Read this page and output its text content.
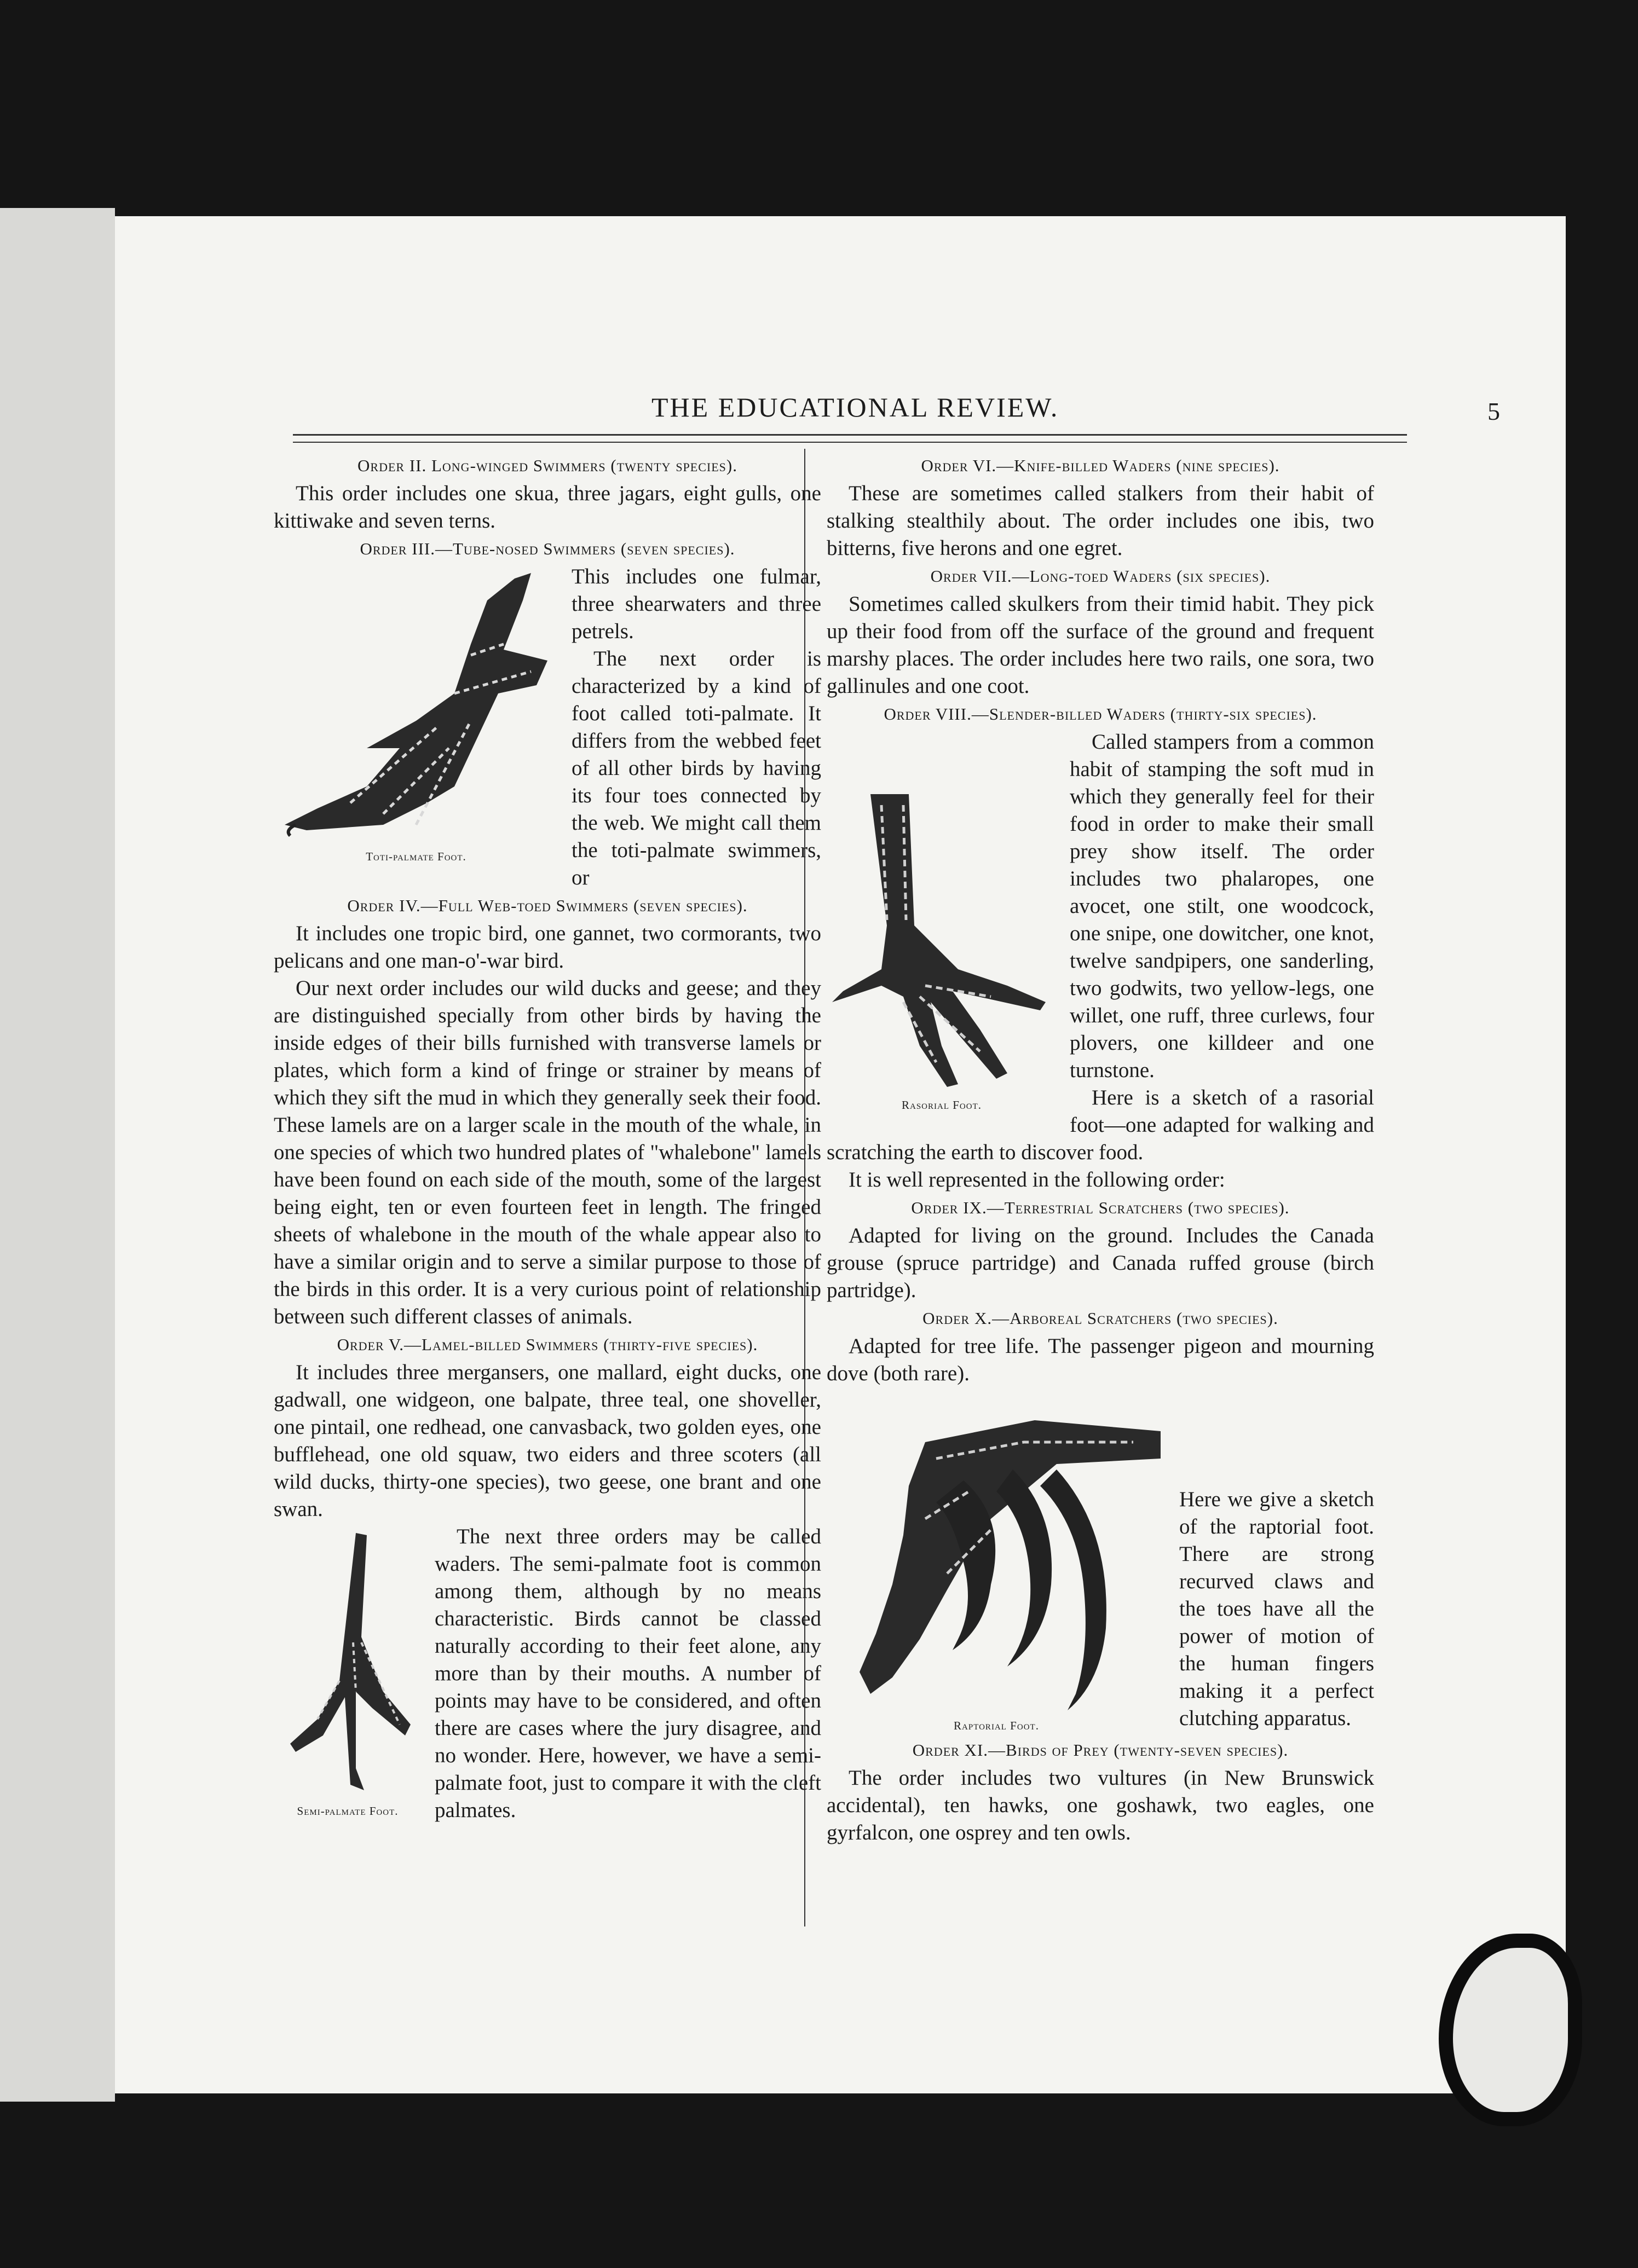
THE EDUCATIONAL REVIEW.	5
Order II. Long-winged Swimmers (twenty species).

This order includes one skua, three jagars, eight gulls, one kittiwake and seven terns.

Order III.—Tube-nosed Swimmers (seven species).
Toti-palmate Foot.

This includes one fulmar, three shearwaters and three petrels.

The next order is characterized by a kind of foot called toti-palmate. It differs from the webbed feet of all other birds by having its four toes connected by the web. We might call them the toti-palmate swimmers, or

Order IV.—Full Web-toed Swimmers (seven species).

It includes one tropic bird, one gannet, two cormorants, two pelicans and one man-o'-war bird.

Our next order includes our wild ducks and geese; and they are distinguished specially from other birds by having the inside edges of their bills furnished with transverse lamels or plates, which form a kind of fringe or strainer by means of which they sift the mud in which they generally seek their food. These lamels are on a larger scale in the mouth of the whale, in one species of which two hundred plates of "whalebone" lamels have been found on each side of the mouth, some of the largest being eight, ten or even fourteen feet in length. The fringed sheets of whalebone in the mouth of the whale appear also to have a similar origin and to serve a similar purpose to those of the birds in this order. It is a very curious point of relationship between such different classes of animals.

Order V.—Lamel-billed Swimmers (thirty-five species).

It includes three mergansers, one mallard, eight ducks, one gadwall, one widgeon, one balpate, three teal, one shoveller, one pintail, one redhead, one canvasback, two golden eyes, one bufflehead, one old squaw, two eiders and three scoters (all wild ducks, thirty-one species), two geese, one brant and one swan.

Semi-palmate Foot.

The next three orders may be called waders. The semi-palmate foot is common among them, although by no means characteristic. Birds cannot be classed naturally according to their feet alone, any more than by their mouths. A number of points may have to be considered, and often there are cases where the jury disagree, and no wonder. Here, however, we have a semi-palmate foot, just to compare it with the cleft palmates.

Order VI.—Knife-billed Waders (nine species).

These are sometimes called stalkers from their habit of stalking stealthily about. The order includes one ibis, two bitterns, five herons and one egret.

Order VII.—Long-toed Waders (six species).

Sometimes called skulkers from their timid habit. They pick up their food from off the surface of the ground and frequent marshy places. The order includes here two rails, one sora, two gallinules and one coot.

Order VIII.—Slender-billed Waders (thirty-six species).
Rasorial Foot.

Called stampers from a common habit of stamping the soft mud in which they generally feel for their food in order to make their small prey show itself. The order includes two phalaropes, one avocet, one stilt, one woodcock, one snipe, one dowitcher, one knot, twelve sandpipers, one sanderling, two godwits, two yellow-legs, one willet, one ruff, three curlews, four plovers, one killdeer and one turnstone.

Here is a sketch of a rasorial foot—one adapted for walking and scratching the earth to discover food.

It is well represented in the following order:

Order IX.—Terrestrial Scratchers (two species).

Adapted for living on the ground. Includes the Canada grouse (spruce partridge) and Canada ruffed grouse (birch partridge).

Order X.—Arboreal Scratchers (two species).

Adapted for tree life. The passenger pigeon and mourning dove (both rare).

Raptorial Foot.

Here we give a sketch of the raptorial foot. There are strong recurved claws and the toes have all the power of motion of the human fingers making it a perfect clutching apparatus.

Order XI.—Birds of Prey (twenty-seven species).

The order includes two vultures (in New Brunswick accidental), ten hawks, one goshawk, two eagles, one gyrfalcon, one osprey and ten owls.
